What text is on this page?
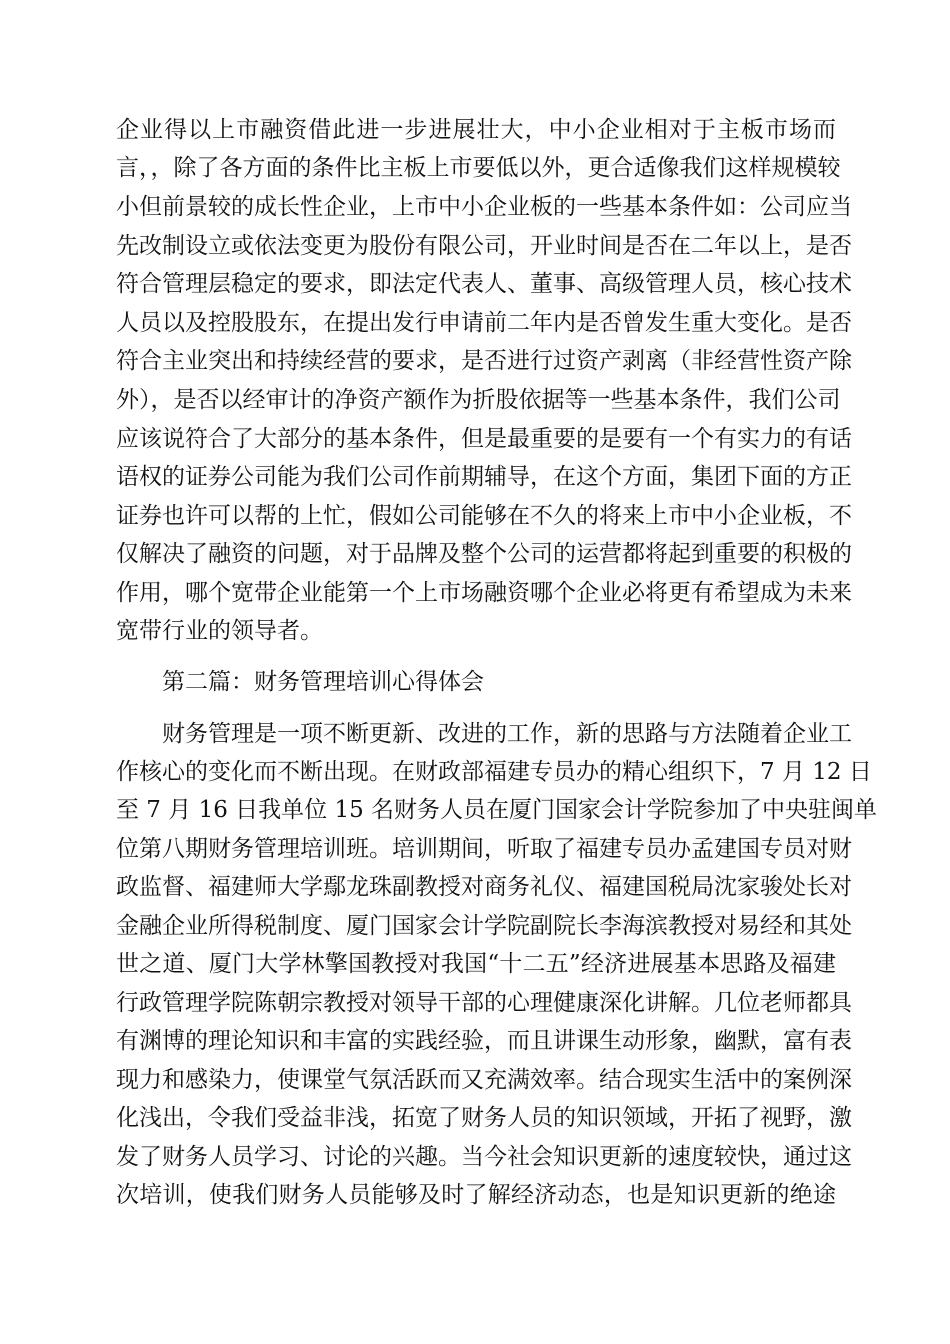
企业得以上市融资借此进一步进展壮大，中小企业相对于主板市场而
言，，除了各方面的条件比主板上市要低以外，更合适像我们这样规模较
小但前景较的成长性企业，上市中小企业板的一些基本条件如：公司应当
先改制设立或依法变更为股份有限公司，开业时间是否在二年以上，是否
符合管理层稳定的要求，即法定代表人、董事、高级管理人员，核心技术
人员以及控股股东，在提出发行申请前二年内是否曾发生重大变化。是否
符合主业突出和持续经营的要求，是否进行过资产剥离（非经营性资产除
外），是否以经审计的净资产额作为折股依据等一些基本条件，我们公司
应该说符合了大部分的基本条件，但是最重要的是要有一个有实力的有话
语权的证券公司能为我们公司作前期辅导，在这个方面，集团下面的方正
证券也许可以帮的上忙，假如公司能够在不久的将来上市中小企业板，不
仅解决了融资的问题，对于品牌及整个公司的运营都将起到重要的积极的
作用，哪个宽带企业能第一个上市场融资哪个企业必将更有希望成为未来
宽带行业的领导者。
第二篇：财务管理培训心得体会
财务管理是一项不断更新、改进的工作，新的思路与方法随着企业工
作核心的变化而不断出现。在财政部福建专员办的精心组织下，7 月 12 日
至 7 月 16 日我单位 15 名财务人员在厦门国家会计学院参加了中央驻闽单
位第八期财务管理培训班。培训期间，听取了福建专员办孟建国专员对财
政监督、福建师大学鄢龙珠副教授对商务礼仪、福建国税局沈家骏处长对
金融企业所得税制度、厦门国家会计学院副院长李海滨教授对易经和其处
世之道、厦门大学林擎国教授对我国“十二五”经济进展基本思路及福建
行政管理学院陈朝宗教授对领导干部的心理健康深化讲解。几位老师都具
有渊博的理论知识和丰富的实践经验，而且讲课生动形象，幽默，富有表
现力和感染力，使课堂气氛活跃而又充满效率。结合现实生活中的案例深
化浅出，令我们受益非浅，拓宽了财务人员的知识领域，开拓了视野，激
发了财务人员学习、讨论的兴趣。当今社会知识更新的速度较快，通过这
次培训，使我们财务人员能够及时了解经济动态，也是知识更新的绝途
